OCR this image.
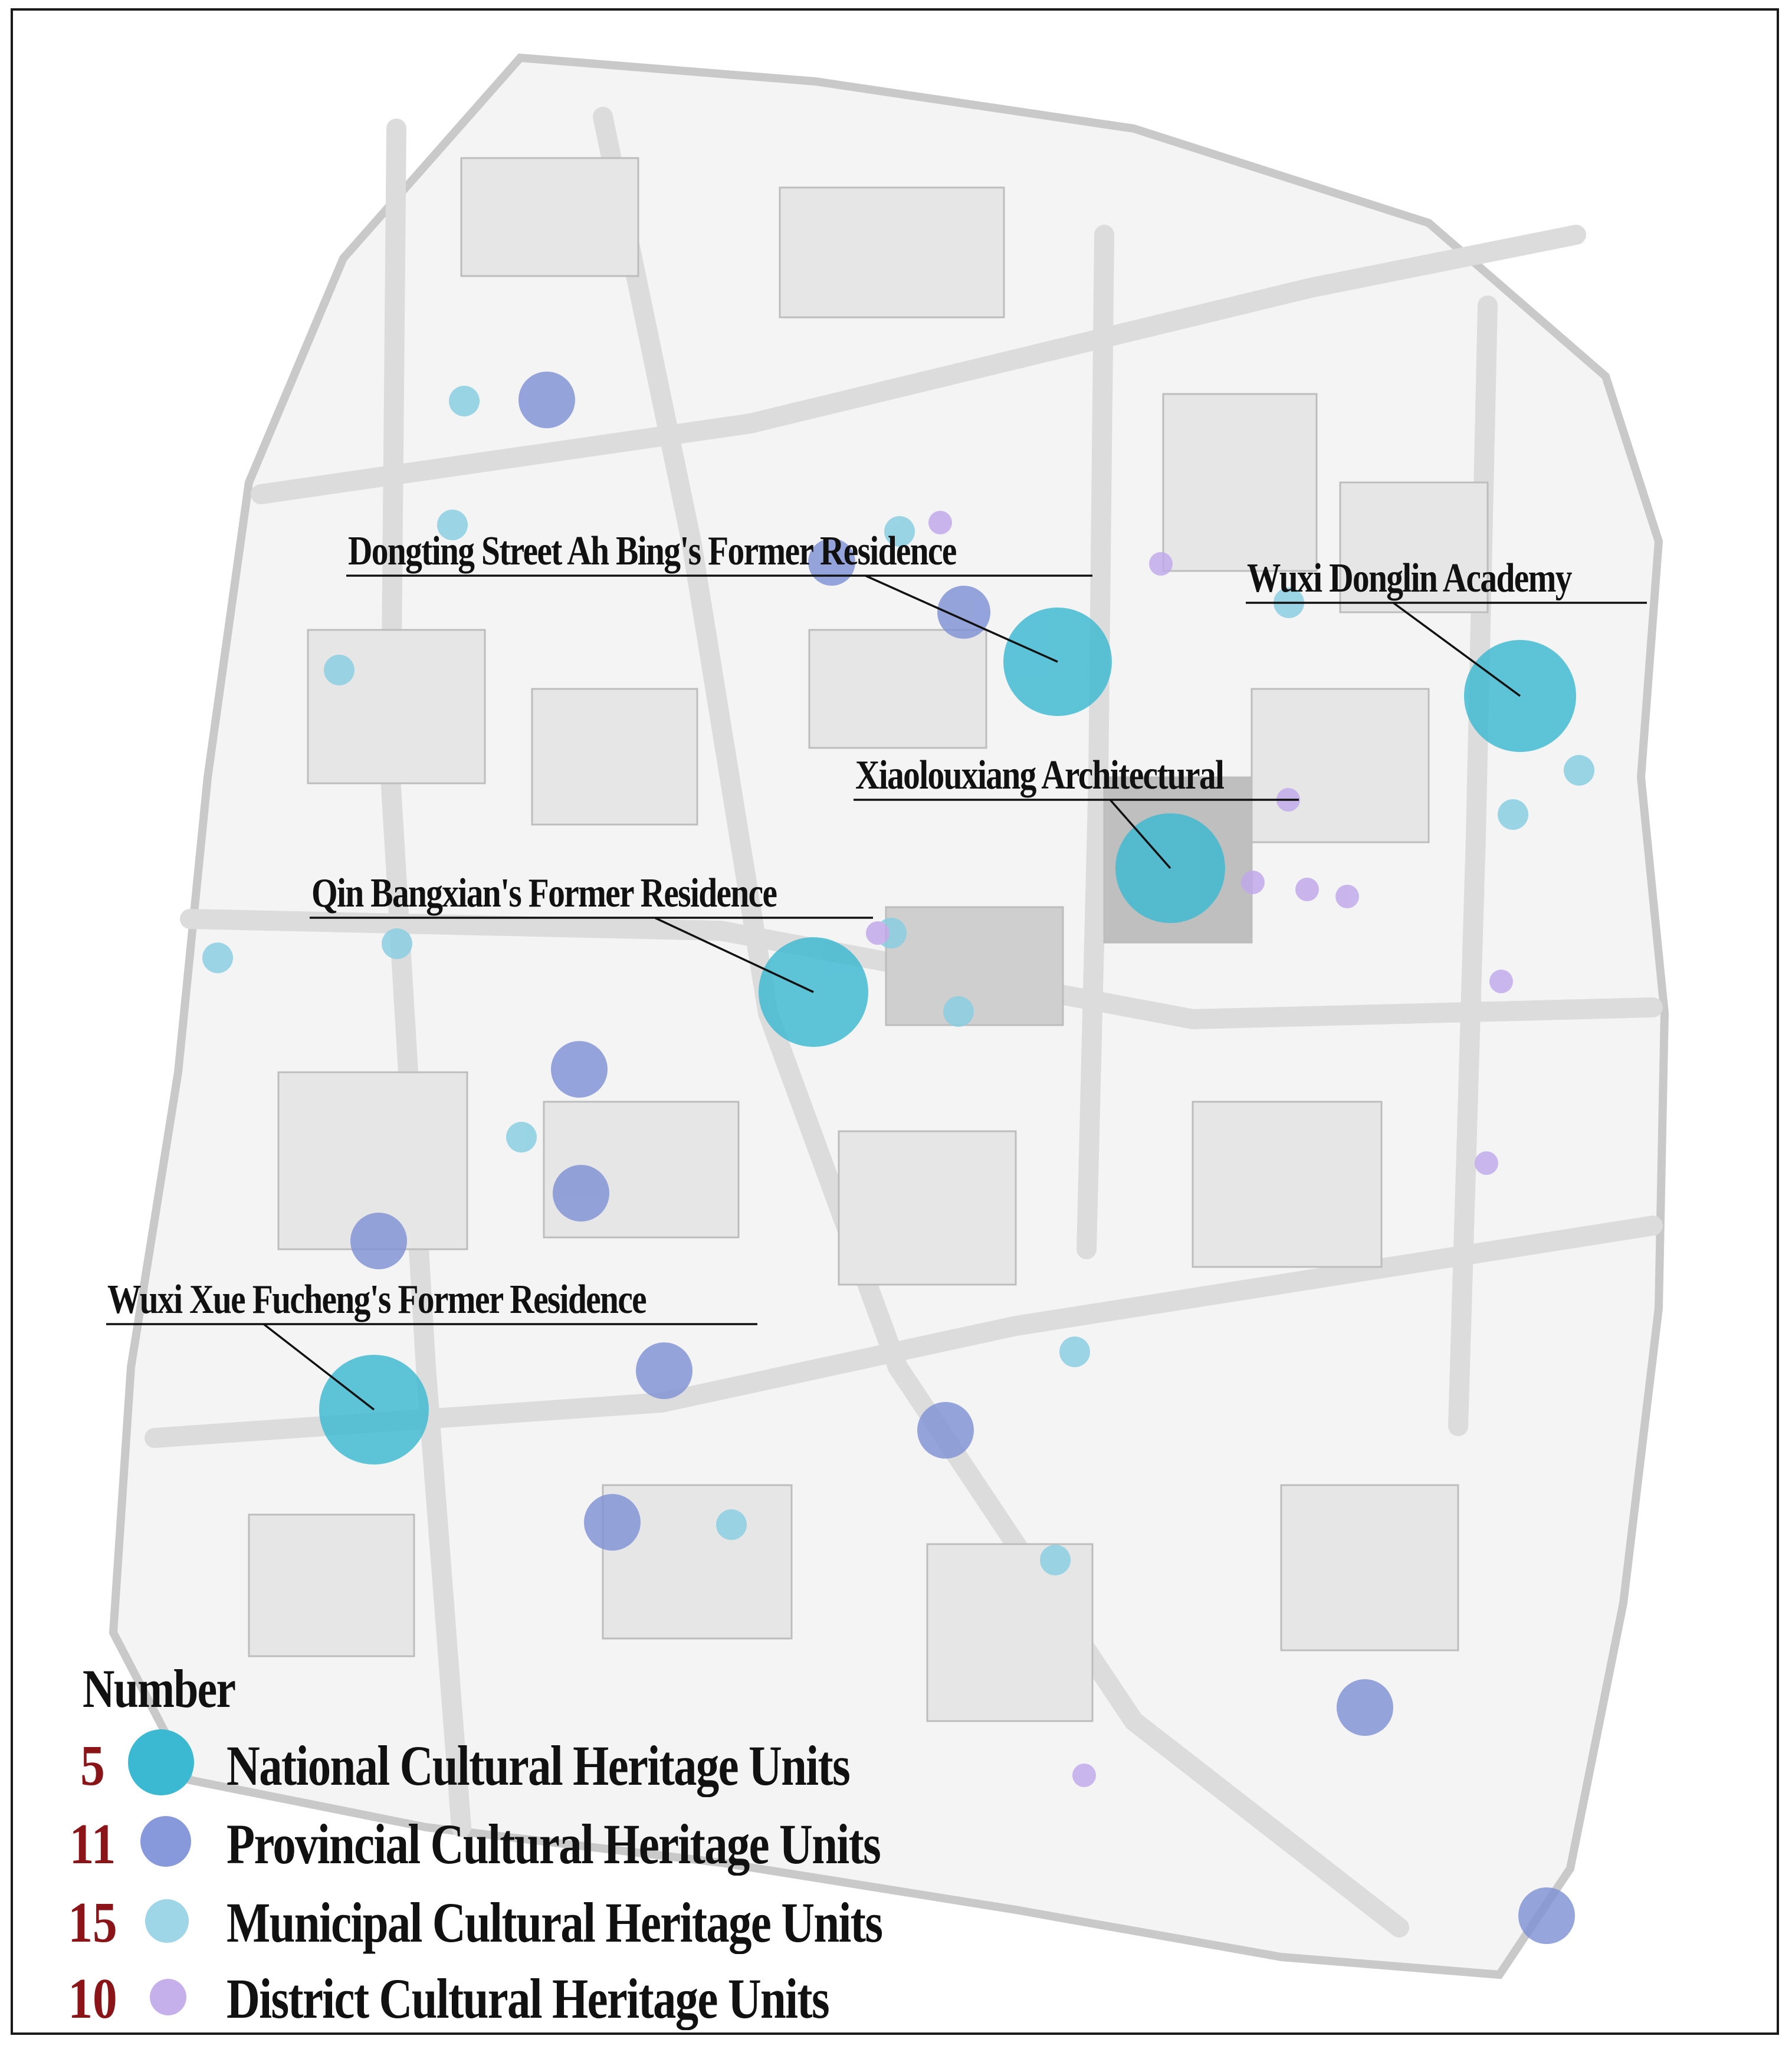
Dongting Street Ah Bing's Former Residence
Wuxi Donglin Academy
Xiaolouxiang Architectural
Qin Bangxian's Former Residence
Wuxi Xue Fucheng's Former Residence
Number
5	National Cultural Heritage Units
11 Provincial Cultural Heritage Units
15 Municipal Cultural Heritage Units
10 District Cultural Heritage Units
